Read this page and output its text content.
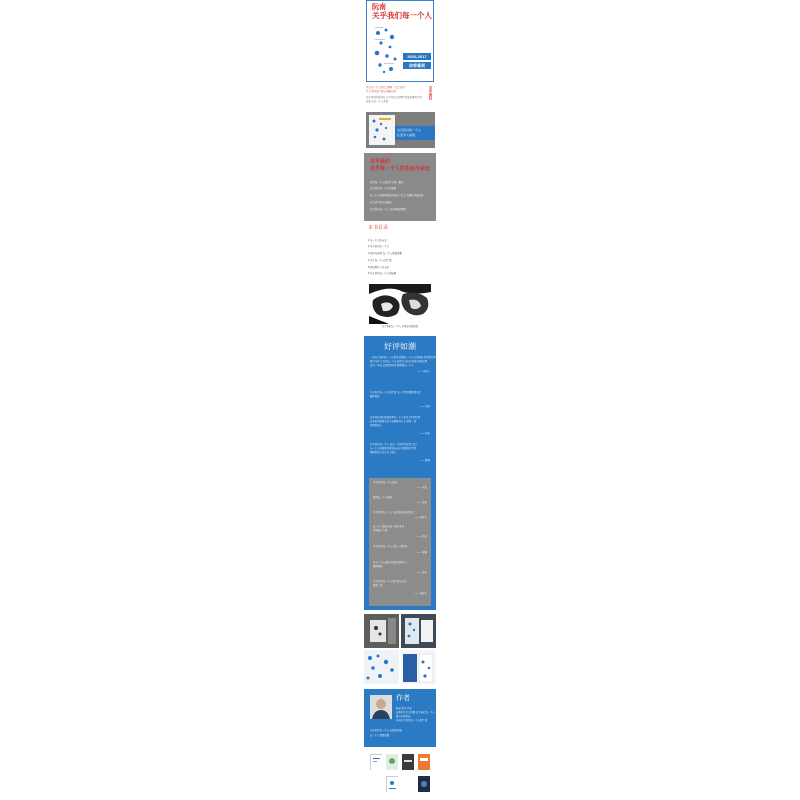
阮南
关乎我们每一个人
2016-2017
你将看到
关乎每一个人的社会现象 一定会成为
社会 时代的主题 必须被记录
关注我们所处的社会与生活 以及那些改变世界的力量
改变 从每一个人开始
关乎我们
关乎我们每一个人
让更多人看到
关乎我们
关乎每一个人的生活与命运
我们每一个人都是社会的一部分
关乎我们每一个人的事情
每一个人的选择都在改变这个社会 从现在开始改变
从生活中的点滴做起
关乎我们每一个人 让世界变得更好
本书目录
1 每一个人的未来
2 关乎我们每一个人
3 我们与世界 每一个人都很重要
4 关乎每一个人的生活
5 我们的社会与未来
6 关乎我们每一个人的选择
关乎我们每一个人 从身边开始改变
好评如潮
一本关乎我们每一个人的书 值得每一个人认真阅读 思考我们所处的
时代与社会 以及每一个人的责任 从自己开始 改变世界
这是一本让人深思的好书 推荐给每一个人
—— 书评人
关乎我们每一个人的生活 每一个细节都值得关注
推荐阅读
—— 读者
这本书让我们重新思考每一个人在社会中的位置
以及我们能够为这个世界做些什么 值得一读
深刻而动人
—— 作家
关乎我们每一个人 这是一个时代的记录 也是
每一个人的故事 我们都应该认真阅读并思考
推荐给所有关心社会的人
—— 媒体
关乎我们每一个人的书
—— 读者
值得每一个人阅读
—— 读者
关乎我们每一个人 让我们重新认识社会
—— 书评人
每一个人都应该读一读这本书
深刻而有力量
—— 作家
关乎我们每一个人 这是一本好书
—— 媒体
从每一个人做起 改变我们的社会
推荐阅读
—— 读者
关乎我们每一个人的生活与未来
值得一读
—— 书评人
作者
阮南 作家 学者
长期关注社会问题 关乎我们每一个人
著有多部作品
本书关乎我们每一个人的生活
关乎我们每一个人 从现在开始
每一个人都很重要
